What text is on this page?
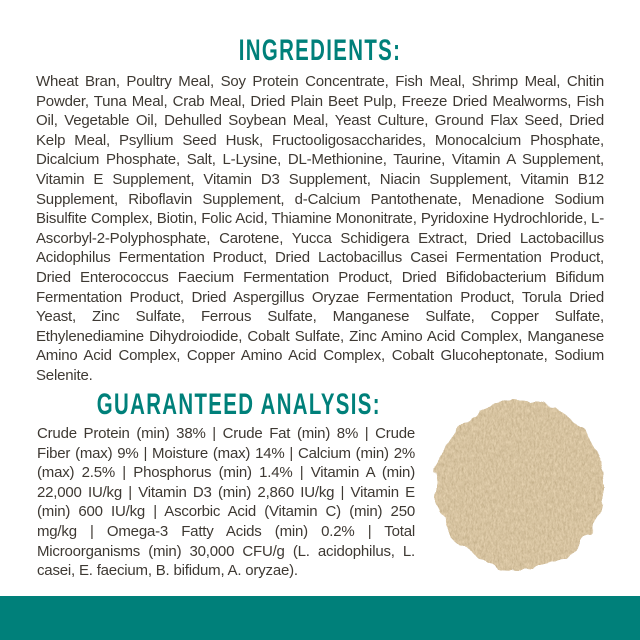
INGREDIENTS:

Wheat Bran, Poultry Meal, Soy Protein Concentrate, Fish Meal, Shrimp Meal, Chitin Powder, Tuna Meal, Crab Meal, Dried Plain Beet Pulp, Freeze Dried Mealworms, Fish Oil, Vegetable Oil, Dehulled Soybean Meal, Yeast Culture, Ground Flax Seed, Dried Kelp Meal, Psyllium Seed Husk, Fructooligosaccharides, Monocalcium Phosphate, Dicalcium Phosphate, Salt, L-Lysine, DL-Methionine, Taurine, Vitamin A Supplement, Vitamin E Supplement, Vitamin D3 Supplement, Niacin Supplement, Vitamin B12 Supplement, Riboflavin Supplement, d-Calcium Pantothenate, Menadione Sodium Bisulfite Complex, Biotin, Folic Acid, Thiamine Mononitrate, Pyridoxine Hydrochloride, L-Ascorbyl-2-Polyphosphate, Carotene, Yucca Schidigera Extract, Dried Lactobacillus Acidophilus Fermentation Product, Dried Lactobacillus Casei Fermentation Product, Dried Enterococcus Faecium Fermentation Product, Dried Bifidobacterium Bifidum Fermentation Product, Dried Aspergillus Oryzae Fermentation Product, Torula Dried Yeast, Zinc Sulfate, Ferrous Sulfate, Manganese Sulfate, Copper Sulfate, Ethylenediamine Dihydroiodide, Cobalt Sulfate, Zinc Amino Acid Complex, Manganese Amino Acid Complex, Copper Amino Acid Complex, Cobalt Glucoheptonate, Sodium Selenite.

GUARANTEED ANALYSIS:

Crude Protein (min) 38% | Crude Fat (min) 8% | Crude Fiber (max) 9% | Moisture (max) 14% | Calcium (min) 2% (max) 2.5% | Phosphorus (min) 1.4% | Vitamin A (min) 22,000 IU/kg | Vitamin D3 (min) 2,860 IU/kg | Vitamin E (min) 600 IU/kg | Ascorbic Acid (Vitamin C) (min) 250 mg/kg | Omega-3 Fatty Acids (min) 0.2% | Total Microorganisms (min) 30,000 CFU/g (L. acidophilus, L. casei, E. faecium, B. bifidum, A. oryzae).
